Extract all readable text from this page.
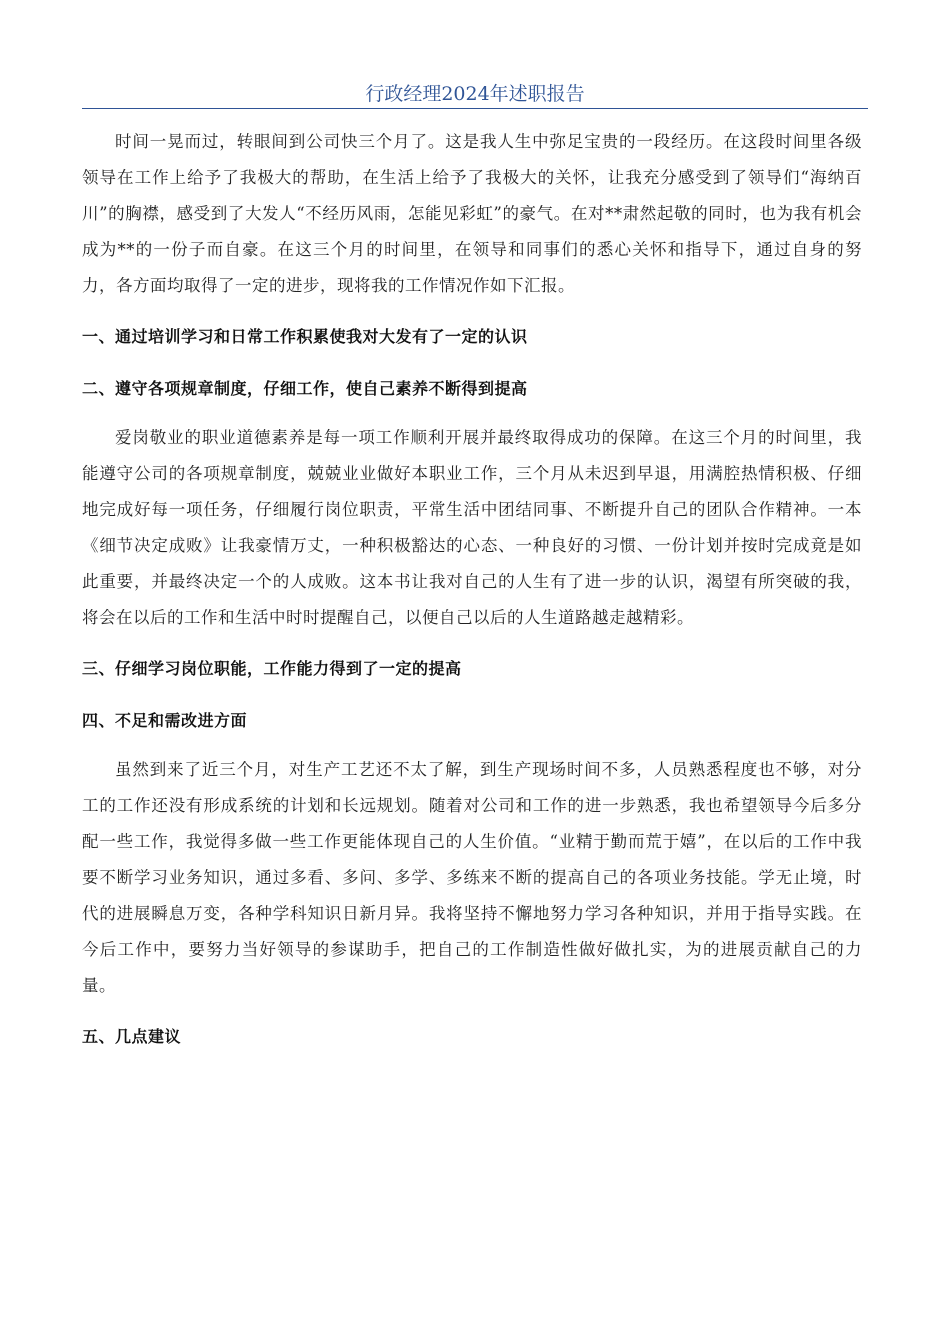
行政经理2024年述职报告

时间一晃而过，转眼间到公司快三个月了。这是我人生中弥足宝贵的一段经历。在这段时间里各级领导在工作上给予了我极大的帮助，在生活上给予了我极大的关怀，让我充分感受到了领导们“海纳百川”的胸襟，感受到了大发人“不经历风雨，怎能见彩虹”的豪气。在对**肃然起敬的同时，也为我有机会成为**的一份子而自豪。在这三个月的时间里，在领导和同事们的悉心关怀和指导下，通过自身的努力，各方面均取得了一定的进步，现将我的工作情况作如下汇报。

一、通过培训学习和日常工作积累使我对大发有了一定的认识
二、遵守各项规章制度，仔细工作，使自己素养不断得到提高

爱岗敬业的职业道德素养是每一项工作顺利开展并最终取得成功的保障。在这三个月的时间里，我能遵守公司的各项规章制度，兢兢业业做好本职业工作，三个月从未迟到早退，用满腔热情积极、仔细地完成好每一项任务，仔细履行岗位职责，平常生活中团结同事、不断提升自己的团队合作精神。一本《细节决定成败》让我豪情万丈，一种积极豁达的心态、一种良好的习惯、一份计划并按时完成竟是如此重要，并最终决定一个的人成败。这本书让我对自己的人生有了进一步的认识，渴望有所突破的我，将会在以后的工作和生活中时时提醒自己，以便自己以后的人生道路越走越精彩。

三、仔细学习岗位职能，工作能力得到了一定的提高
四、不足和需改进方面

虽然到来了近三个月，对生产工艺还不太了解，到生产现场时间不多，人员熟悉程度也不够，对分工的工作还没有形成系统的计划和长远规划。随着对公司和工作的进一步熟悉，我也希望领导今后多分配一些工作，我觉得多做一些工作更能体现自己的人生价值。“业精于勤而荒于嬉”，在以后的工作中我要不断学习业务知识，通过多看、多问、多学、多练来不断的提高自己的各项业务技能。学无止境，时代的进展瞬息万变，各种学科知识日新月异。我将坚持不懈地努力学习各种知识，并用于指导实践。在今后工作中，要努力当好领导的参谋助手，把自己的工作制造性做好做扎实，为的进展贡献自己的力量。

五、几点建议
